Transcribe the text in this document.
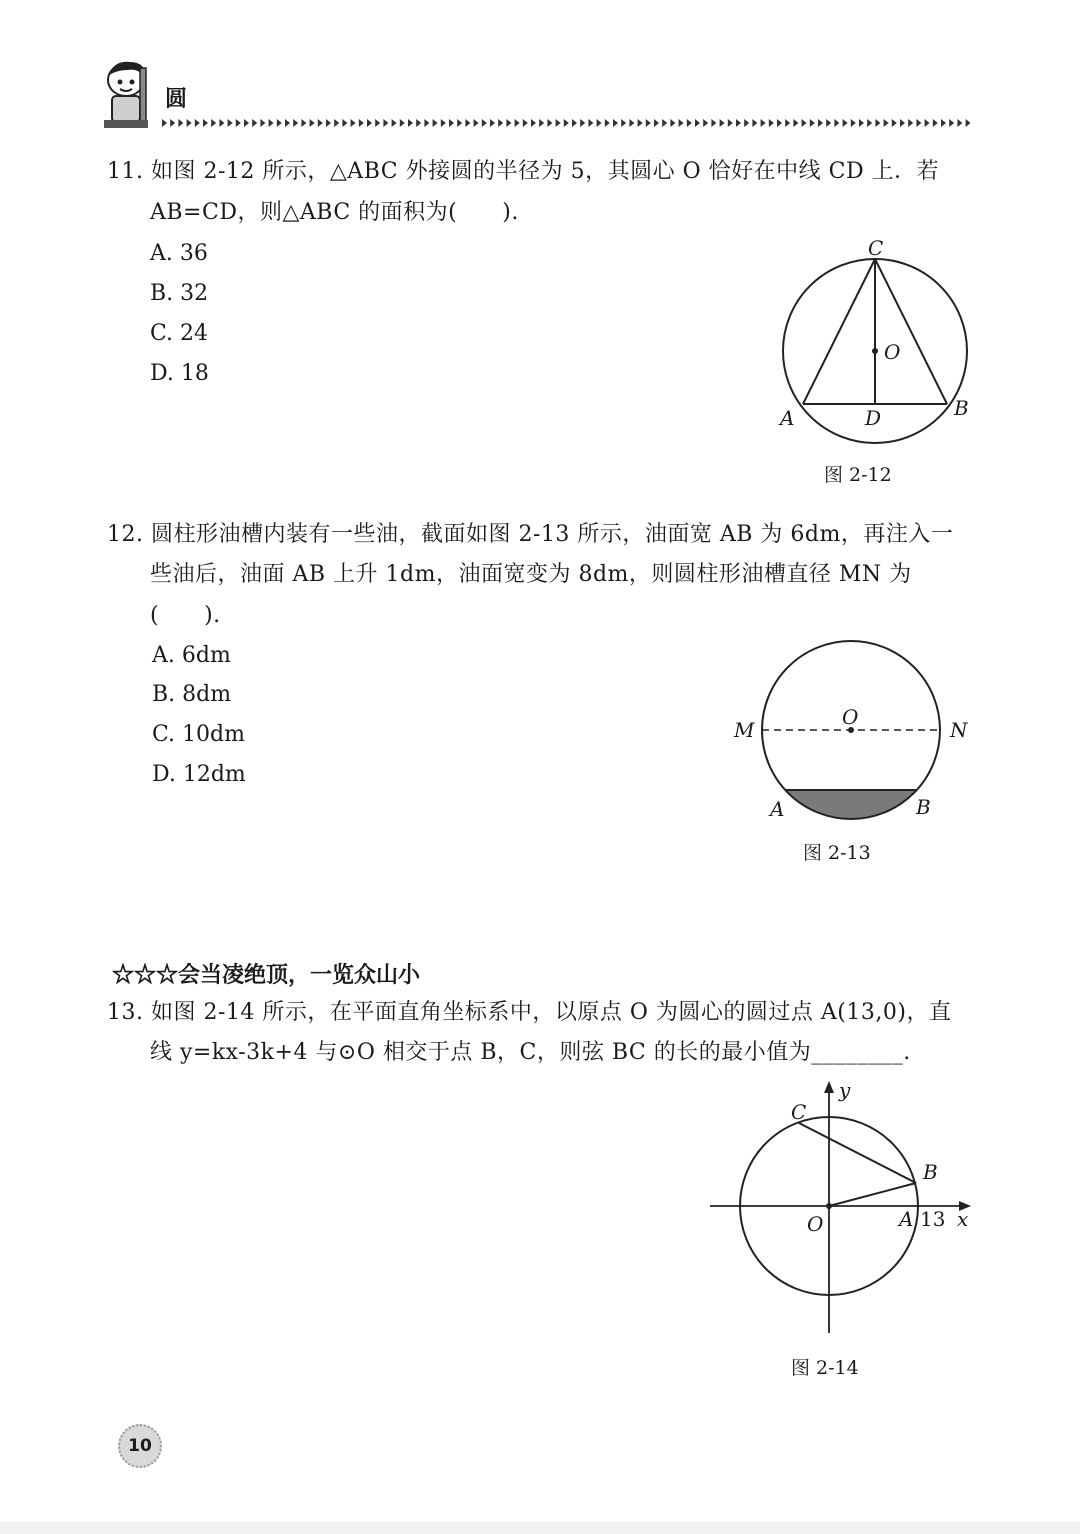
圆
11. 如图 2-12 所示，△ABC 外接圆的半径为 5，其圆心 O 恰好在中线 CD 上．若
AB=CD，则△ABC 的面积为(　　).
A. 36
B. 32
C. 24
D. 18
C
O
A	D	B
图 2-12
12. 圆柱形油槽内装有一些油，截面如图 2-13 所示，油面宽 AB 为 6dm，再注入一
些油后，油面 AB 上升 1dm，油面宽变为 8dm，则圆柱形油槽直径 MN 为
(　　).
A. 6dm
B. 8dm
C. 10dm
D. 12dm
M	N
O
A	B
图 2-13
☆☆☆会当凌绝顶，一览众山小
13. 如图 2-14 所示，在平面直角坐标系中，以原点 O 为圆心的圆过点 A(13,0)，直
线 y=kx-3k+4 与⊙O 相交于点 B，C，则弦 BC 的长的最小值为________.
y
x
C
B
O	A 13
图 2-14
10
